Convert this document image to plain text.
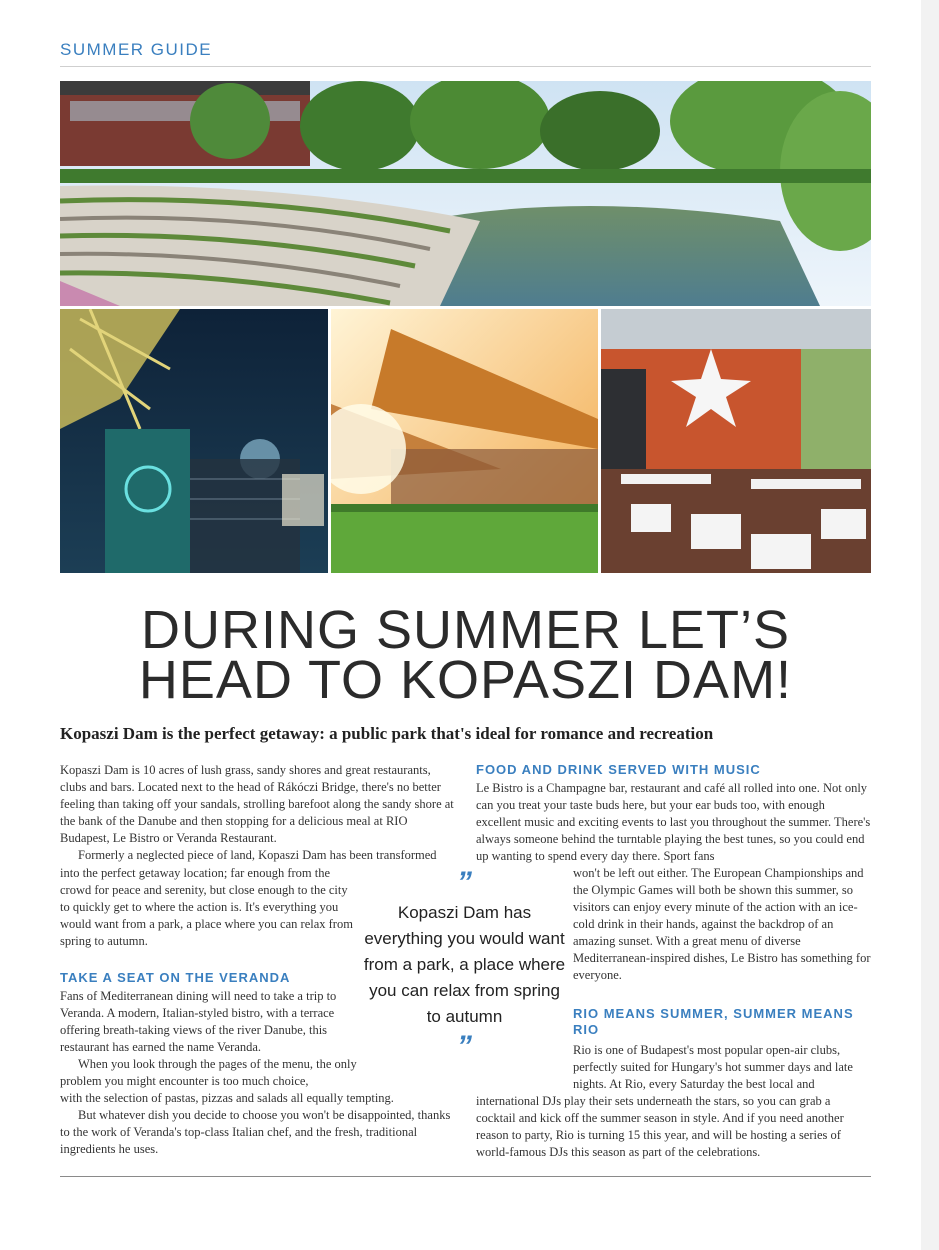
SUMMER GUIDE
DURING SUMMER LET’S
HEAD TO KOPASZI DAM!
Kopaszi Dam is the perfect getaway: a public park that's ideal for romance and recreation

Kopaszi Dam is 10 acres of lush grass, sandy shores and great restaurants, clubs and bars. Located next to the head of Rákóczi Bridge, there's no better feeling than taking off your sandals, strolling barefoot along the sandy shore at the bank of the Danube and then stopping for a delicious meal at RIO Budapest, Le Bistro or Veranda Restaurant.

Formerly a neglected piece of land, Kopaszi Dam has been transformed

into the perfect getaway location; far enough from the crowd for peace and serenity, but close enough to the city to quickly get to where the action is. It's everything you would want from a park, a place where you can relax from spring to autumn.

TAKE A SEAT ON THE VERANDA

Fans of Mediterranean dining will need to take a trip to Veranda. A modern, Italian-styled bistro, with a terrace offering breath-taking views of the river Danube, this restaurant has earned the name Veranda.

When you look through the pages of the menu, the only problem you might encounter is too much choice,

with the selection of pastas, pizzas and salads all equally tempting.

But whatever dish you decide to choose you won't be disappointed, thanks to the work of Veranda's top-class Italian chef, and the fresh, traditional ingredients he uses.

”
Kopaszi Dam has everything you would want from a park, a place where you can relax from spring to autumn
”
FOOD AND DRINK SERVED WITH MUSIC

Le Bistro is a Champagne bar, restaurant and café all rolled into one. Not only can you treat your taste buds here, but your ear buds too, with enough excellent music and exciting events to last you throughout the summer. There's always someone behind the turntable playing the best tunes, so you could end up wanting to spend every day there. Sport fans

won't be left out either. The European Championships and the Olympic Games will both be shown this summer, so visitors can enjoy every minute of the action with an ice-cold drink in their hands, against the backdrop of an amazing sunset. With a great menu of diverse Mediterranean-inspired dishes, Le Bistro has something for everyone.

RIO MEANS SUMMER, SUMMER MEANS RIO

Rio is one of Budapest's most popular open-air clubs, perfectly suited for Hungary's hot summer days and late nights. At Rio, every Saturday the best local and

international DJs play their sets underneath the stars, so you can grab a cocktail and kick off the summer season in style. And if you need another reason to party, Rio is turning 15 this year, and will be hosting a series of world-famous DJs this season as part of the celebrations.
